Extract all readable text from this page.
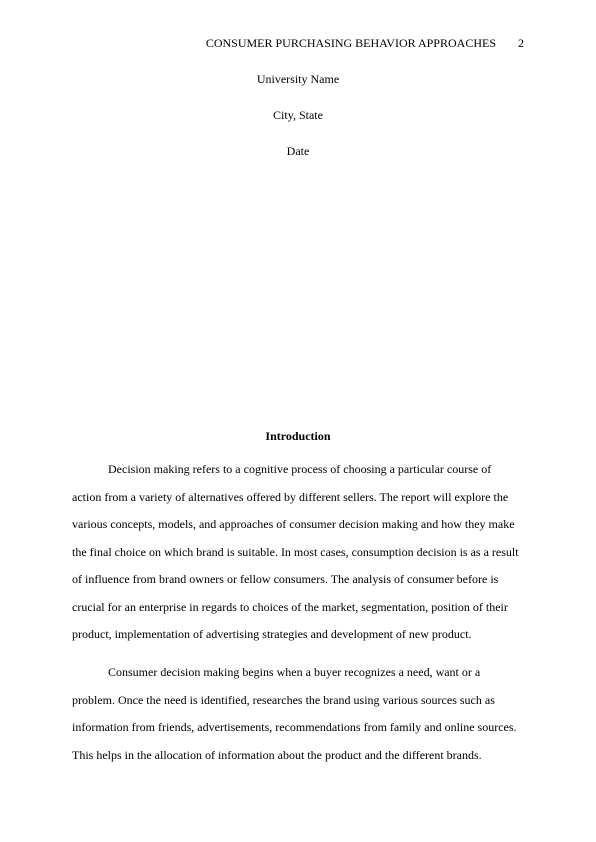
CONSUMER PURCHASING BEHAVIOR APPROACHES 2
University Name
City, State
Date
Introduction

Decision making refers to a cognitive process of choosing a particular course of
action from a variety of alternatives offered by different sellers. The report will explore the
various concepts, models, and approaches of consumer decision making and how they make
the final choice on which brand is suitable. In most cases, consumption decision is as a result
of influence from brand owners or fellow consumers. The analysis of consumer before is
crucial for an enterprise in regards to choices of the market, segmentation, position of their
product, implementation of advertising strategies and development of new product.

Consumer decision making begins when a buyer recognizes a need, want or a
problem. Once the need is identified, researches the brand using various sources such as
information from friends, advertisements, recommendations from family and online sources.
This helps in the allocation of information about the product and the different brands.
